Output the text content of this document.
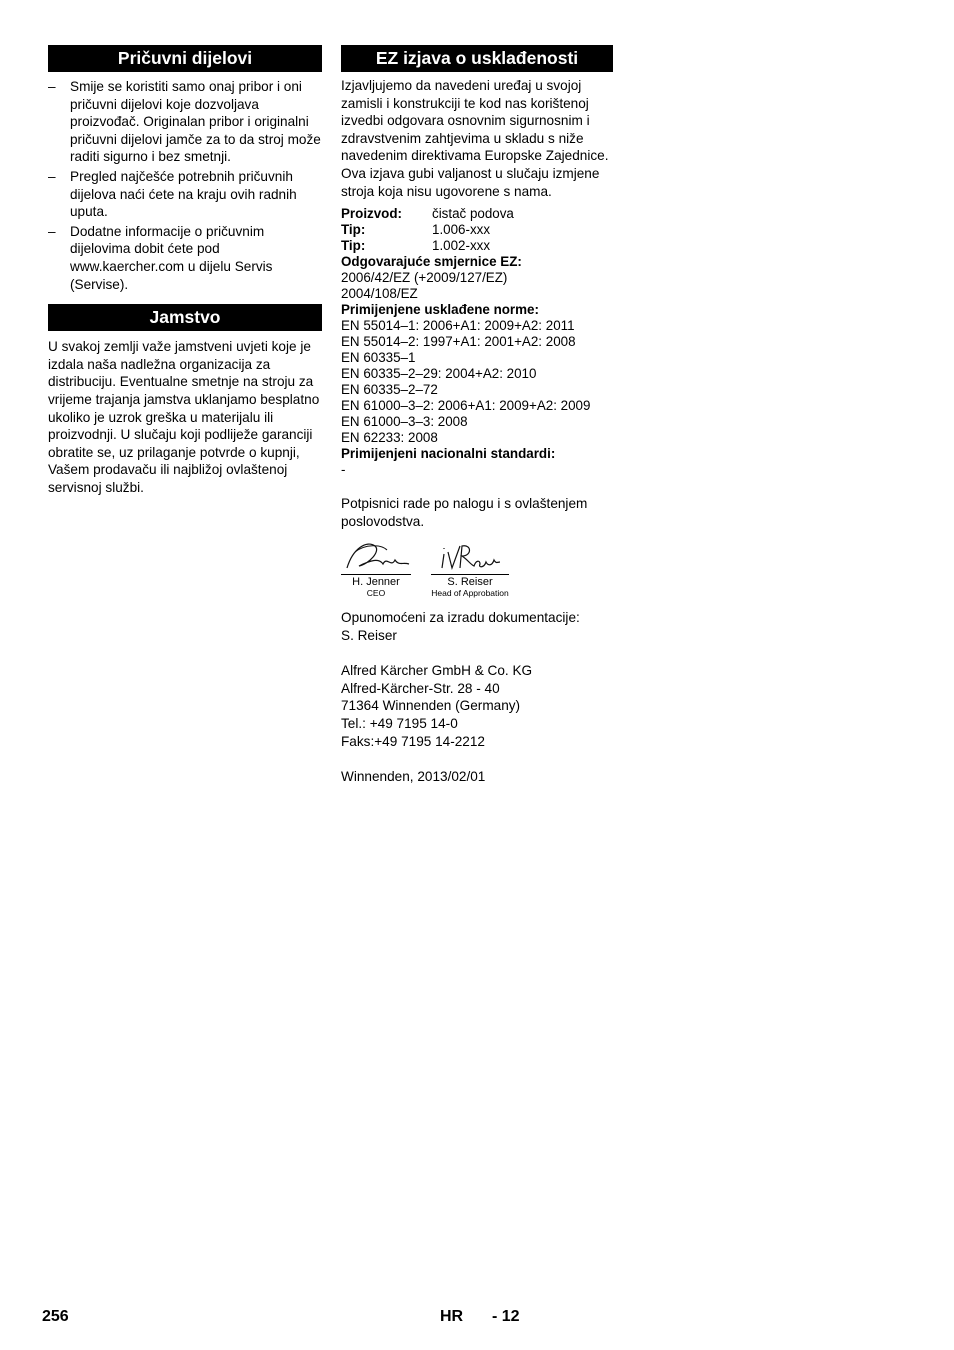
Pričuvni dijelovi
– Smije se koristiti samo onaj pribor i oni pričuvni dijelovi koje dozvoljava proizvođač. Originalan pribor i originalni pričuvni dijelovi jamče za to da stroj može raditi sigurno i bez smetnji.
– Pregled najčešće potrebnih pričuvnih dijelova naći ćete na kraju ovih radnih uputa.
– Dodatne informacije o pričuvnim dijelovima dobit ćete pod www.kaercher.com u dijelu Servis (Servise).
Jamstvo

U svakoj zemlji važe jamstveni uvjeti koje je izdala naša nadležna organizacija za distribuciju. Eventualne smetnje na stroju za vrijeme trajanja jamstva uklanjamo besplatno ukoliko je uzrok greška u materijalu ili proizvodnji. U slučaju koji podliježe garanciji obratite se, uz prilaganje potvrde o kupnji, Vašem prodavaču ili najbližoj ovlaštenoj servisnoj službi.

EZ izjava o usklađenosti

Izjavljujemo da navedeni uređaj u svojoj zamisli i konstrukciji te kod nas korištenoj izvedbi odgovara osnovnim sigurnosnim i zdravstvenim zahtjevima u skladu s niže navedenim direktivama Europske Zajednice. Ova izjava gubi valjanost u slučaju izmjene stroja koja nisu ugovorene s nama.

Proizvod:	čistač podova
Tip:	1.006-xxx
Tip:	1.002-xxx
Odgovarajuće smjernice EZ:
2006/42/EZ (+2009/127/EZ)
2004/108/EZ
Primijenjene usklađene norme:
EN 55014–1: 2006+A1: 2009+A2: 2011
EN 55014–2: 1997+A1: 2001+A2: 2008
EN 60335–1
EN 60335–2–29: 2004+A2: 2010
EN 60335–2–72
EN 61000–3–2: 2006+A1: 2009+A2: 2009
EN 61000–3–3: 2008
EN 62233: 2008
Primijenjeni nacionalni standardi:
-

Potpisnici rade po nalogu i s ovlaštenjem poslovodstva.

H. Jenner
CEO
S. Reiser
Head of Approbation
Opunomoćeni za izradu dokumentacije:
S. Reiser
Alfred Kärcher GmbH & Co. KG
Alfred-Kärcher-Str. 28 - 40
71364 Winnenden (Germany)
Tel.: +49 7195 14-0
Faks:+49 7195 14-2212
Winnenden, 2013/02/01
256	HR - 12
